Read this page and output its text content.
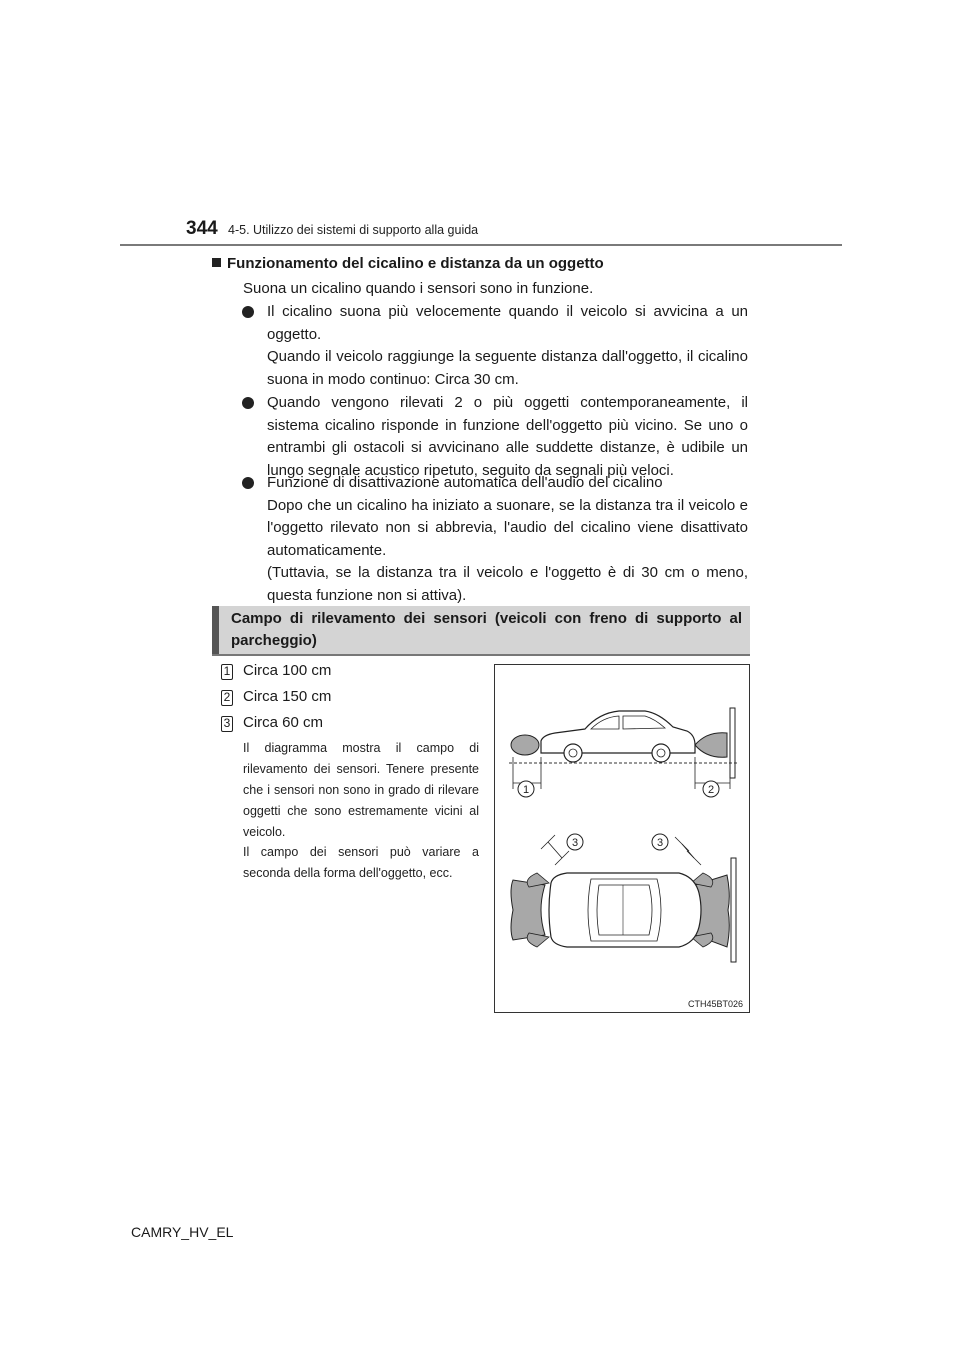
344 4-5. Utilizzo dei sistemi di supporto alla guida
Funzionamento del cicalino e distanza da un oggetto
Suona un cicalino quando i sensori sono in funzione.
Il cicalino suona più velocemente quando il veicolo si avvicina a un oggetto.
Quando il veicolo raggiunge la seguente distanza dall'oggetto, il cicalino suona in modo continuo: Circa 30 cm.
Quando vengono rilevati 2 o più oggetti contemporaneamente, il sistema cicalino risponde in funzione dell'oggetto più vicino. Se uno o entrambi gli ostacoli si avvicinano alle suddette distanze, è udibile un lungo segnale acustico ripetuto, seguito da segnali più veloci.
Funzione di disattivazione automatica dell'audio del cicalino
Dopo che un cicalino ha iniziato a suonare, se la distanza tra il veicolo e l'oggetto rilevato non si abbrevia, l'audio del cicalino viene disattivato automaticamente.
(Tuttavia, se la distanza tra il veicolo e l'oggetto è di 30 cm o meno, questa funzione non si attiva).
Campo di rilevamento dei sensori (veicoli con freno di supporto al parcheggio)
1 Circa 100 cm
2 Circa 150 cm
3 Circa 60 cm
Il diagramma mostra il campo di rilevamento dei sensori. Tenere presente che i sensori non sono in grado di rilevare oggetti che sono estremamente vicini al veicolo.
Il campo dei sensori può variare a seconda della forma dell'oggetto, ecc.
1	2
3	3
CTH45BT026
CAMRY_HV_EL
